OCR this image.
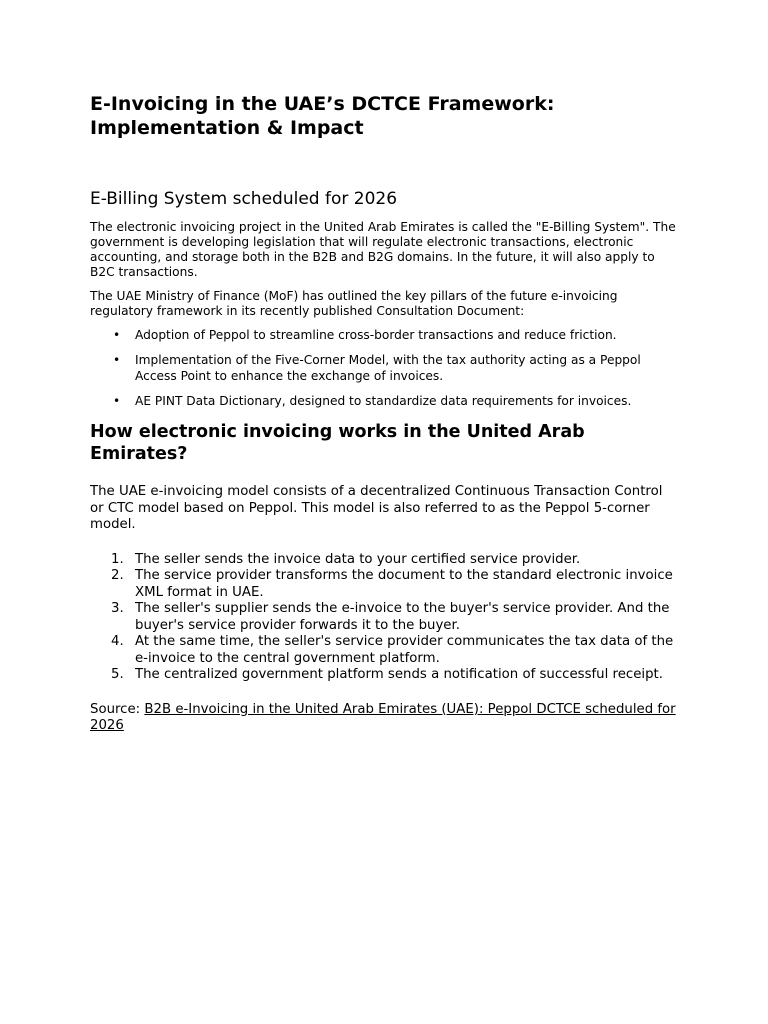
E-Invoicing in the UAE’s DCTCE Framework:
Implementation & Impact
E-Billing System scheduled for 2026

The electronic invoicing project in the United Arab Emirates is called the "E-Billing System". The government is developing legislation that will regulate electronic transactions, electronic accounting, and storage both in the B2B and B2G domains. In the future, it will also apply to B2C transactions.

The UAE Ministry of Finance (MoF) has outlined the key pillars of the future e-invoicing regulatory framework in its recently published Consultation Document:

• Adoption of Peppol to streamline cross-border transactions and reduce friction.
• Implementation of the Five-Corner Model, with the tax authority acting as a Peppol Access Point to enhance the exchange of invoices.
• AE PINT Data Dictionary, designed to standardize data requirements for invoices.
How electronic invoicing works in the United Arab Emirates?

The UAE e-invoicing model consists of a decentralized Continuous Transaction Control or CTC model based on Peppol. This model is also referred to as the Peppol 5-corner model.

1. The seller sends the invoice data to your certified service provider.
2. The service provider transforms the document to the standard electronic invoice XML format in UAE.
3. The seller's supplier sends the e-invoice to the buyer's service provider. And the buyer's service provider forwards it to the buyer.
4. At the same time, the seller's service provider communicates the tax data of the e-invoice to the central government platform.
5. The centralized government platform sends a notification of successful receipt.

Source: B2B e-Invoicing in the United Arab Emirates (UAE): Peppol DCTCE scheduled for 2026
